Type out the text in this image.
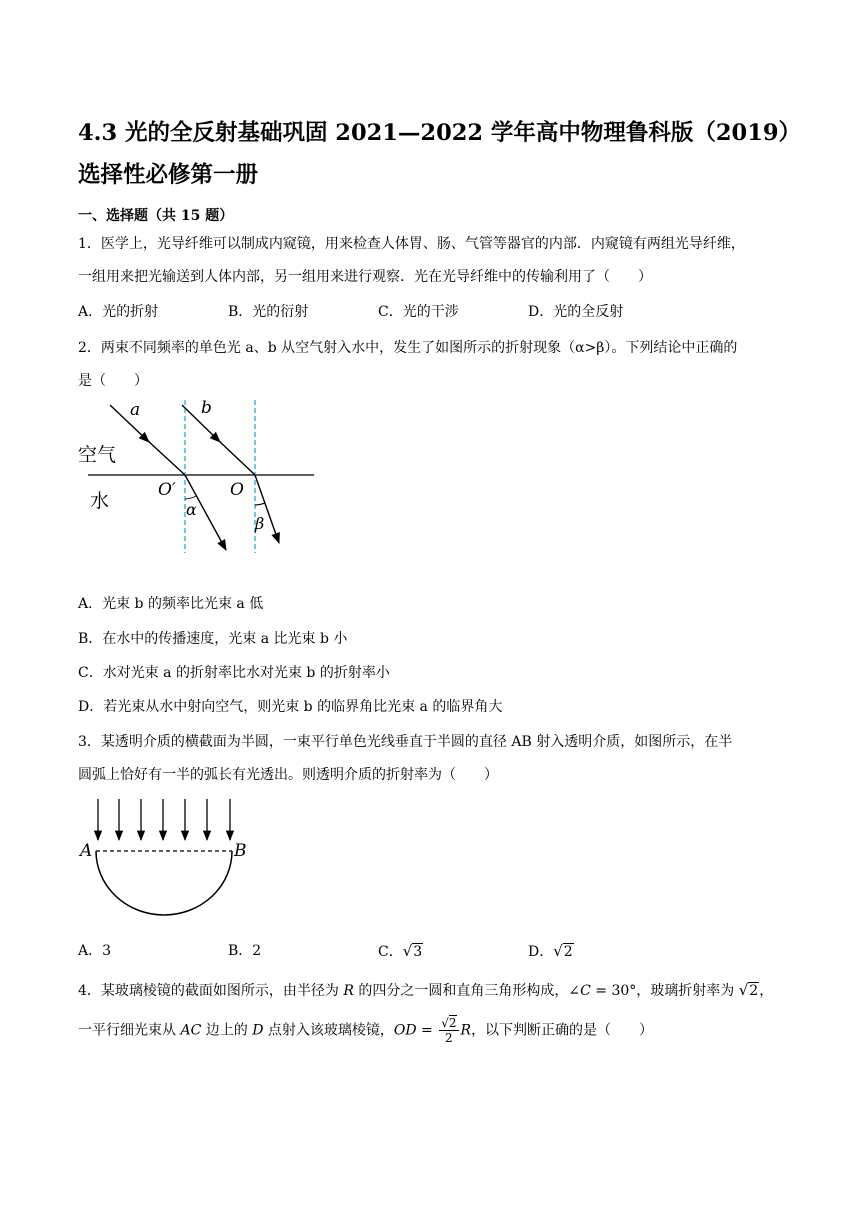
4.3 光的全反射基础巩固 2021—2022 学年高中物理鲁科版（2019）选择性必修第一册
一、选择题（共 15 题）
1．医学上，光导纤维可以制成内窥镜，用来检查人体胃、肠、气管等器官的内部．内窥镜有两组光导纤维，
一组用来把光输送到人体内部，另一组用来进行观察．光在光导纤维中的传输利用了（　　）
A．光的折射	B．光的衍射	C．光的干涉	D．光的全反射
2．两束不同频率的单色光 a、b 从空气射入水中，发生了如图所示的折射现象（α>β）。下列结论中正确的
是（　　）
a	b
空气
水	O′	O
α
β
A．光束 b 的频率比光束 a 低
B．在水中的传播速度，光束 a 比光束 b 小
C．水对光束 a 的折射率比水对光束 b 的折射率小
D．若光束从水中射向空气，则光束 b 的临界角比光束 a 的临界角大
3．某透明介质的横截面为半圆，一束平行单色光线垂直于半圆的直径 AB 射入透明介质，如图所示，在半
圆弧上恰好有一半的弧长有光透出。则透明介质的折射率为（　　）
A	B
A．3	B．2	C．√3	D．√2
4．某玻璃棱镜的截面如图所示，由半径为 R 的四分之一圆和直角三角形构成，∠C = 30°，玻璃折射率为 √2，
一平行细光束从 AC 边上的 D 点射入该玻璃棱镜，OD = $\frac{√2}{2}$ R，以下判断正确的是（　　）
